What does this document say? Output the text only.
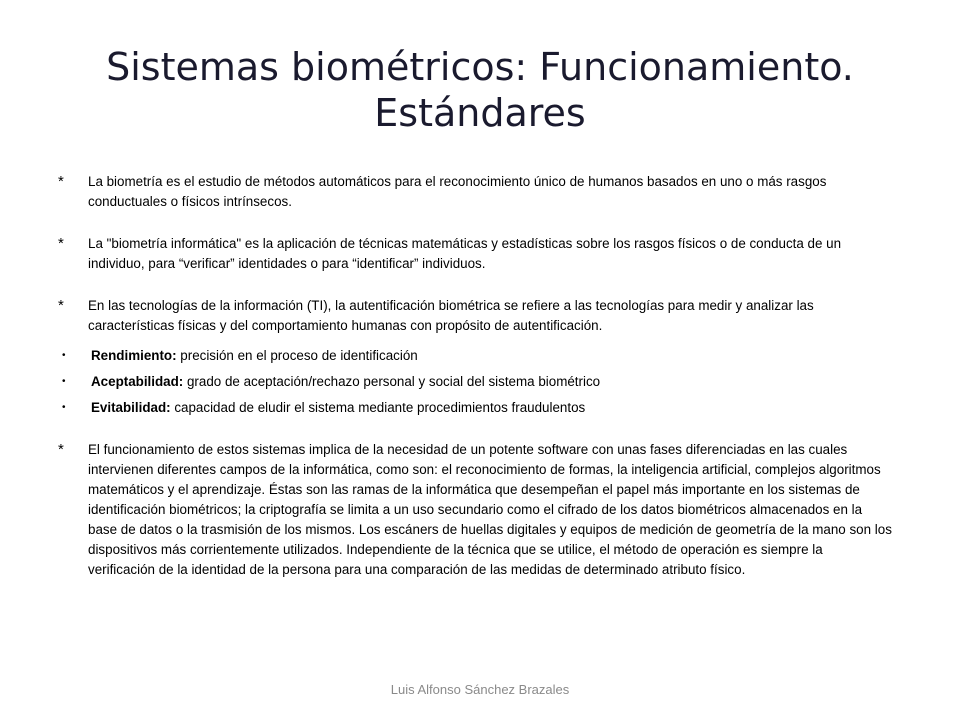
Sistemas biométricos: Funcionamiento.
Estándares
*	La biometría es el estudio de métodos automáticos para el reconocimiento único de humanos basados en uno o más rasgos conductuales o físicos intrínsecos.
*	La "biometría informática" es la aplicación de técnicas matemáticas y estadísticas sobre los rasgos físicos o de conducta de un individuo, para “verificar” identidades o para “identificar” individuos.
*	En las tecnologías de la información (TI), la autentificación biométrica se refiere a las tecnologías para medir y analizar las características físicas y del comportamiento humanas con propósito de autentificación.
•	Rendimiento: precisión en el proceso de identificación
•	Aceptabilidad: grado de aceptación/rechazo personal y social del sistema biométrico
•	Evitabilidad: capacidad de eludir el sistema mediante procedimientos fraudulentos
*	El funcionamiento de estos sistemas implica de la necesidad de un potente software con unas fases diferenciadas en las cuales intervienen diferentes campos de la informática, como son: el reconocimiento de formas, la inteligencia artificial, complejos algoritmos matemáticos y el aprendizaje. Éstas son las ramas de la informática que desempeñan el papel más importante en los sistemas de identificación biométricos; la criptografía se limita a un uso secundario como el cifrado de los datos biométricos almacenados en la base de datos o la trasmisión de los mismos. Los escáners de huellas digitales y equipos de medición de geometría de la mano son los dispositivos más corrientemente utilizados. Independiente de la técnica que se utilice, el método de operación es siempre la verificación de la identidad de la persona para una comparación de las medidas de determinado atributo físico.
Luis Alfonso Sánchez Brazales
